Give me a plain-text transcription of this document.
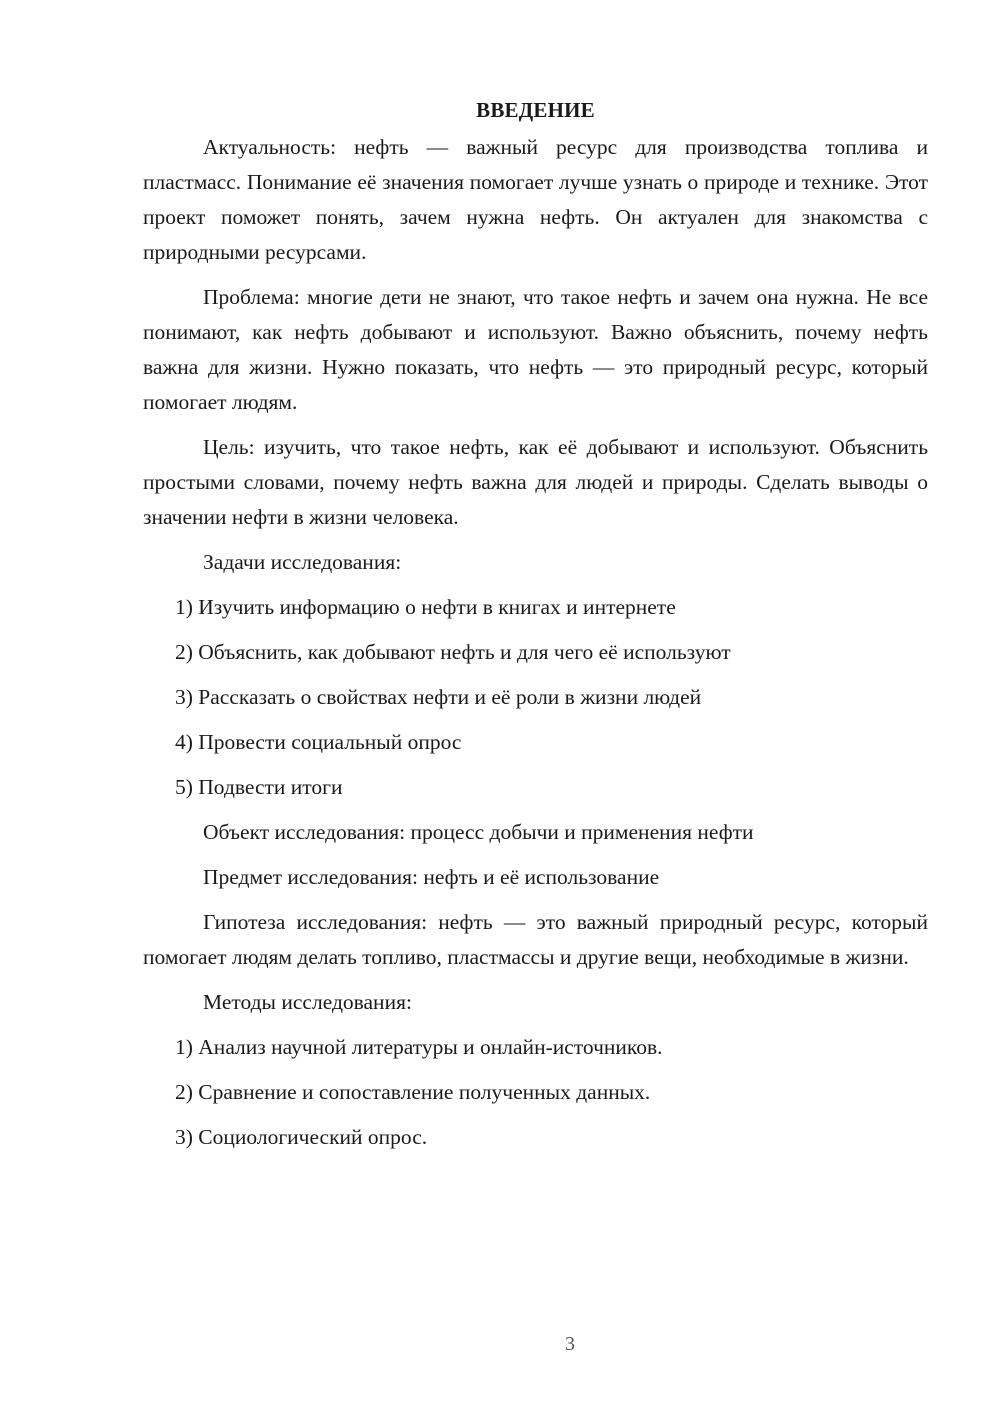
ВВЕДЕНИЕ

Актуальность: нефть — важный ресурс для производства топлива и пластмасс. Понимание её значения помогает лучше узнать о природе и технике. Этот проект поможет понять, зачем нужна нефть. Он актуален для знакомства с природными ресурсами.

Проблема: многие дети не знают, что такое нефть и зачем она нужна. Не все понимают, как нефть добывают и используют. Важно объяснить, почему нефть важна для жизни. Нужно показать, что нефть — это природный ресурс, который помогает людям.

Цель: изучить, что такое нефть, как её добывают и используют. Объяснить простыми словами, почему нефть важна для людей и природы. Сделать выводы о значении нефти в жизни человека.

Задачи исследования:

1) Изучить информацию о нефти в книгах и интернете

2) Объяснить, как добывают нефть и для чего её используют

3) Рассказать о свойствах нефти и её роли в жизни людей

4) Провести социальный опрос

5) Подвести итоги

Объект исследования: процесс добычи и применения нефти

Предмет исследования: нефть и её использование

Гипотеза исследования: нефть — это важный природный ресурс, который помогает людям делать топливо, пластмассы и другие вещи, необходимые в жизни.

Методы исследования:

1) Анализ научной литературы и онлайн-источников.

2) Сравнение и сопоставление полученных данных.

3) Социологический опрос.

3
